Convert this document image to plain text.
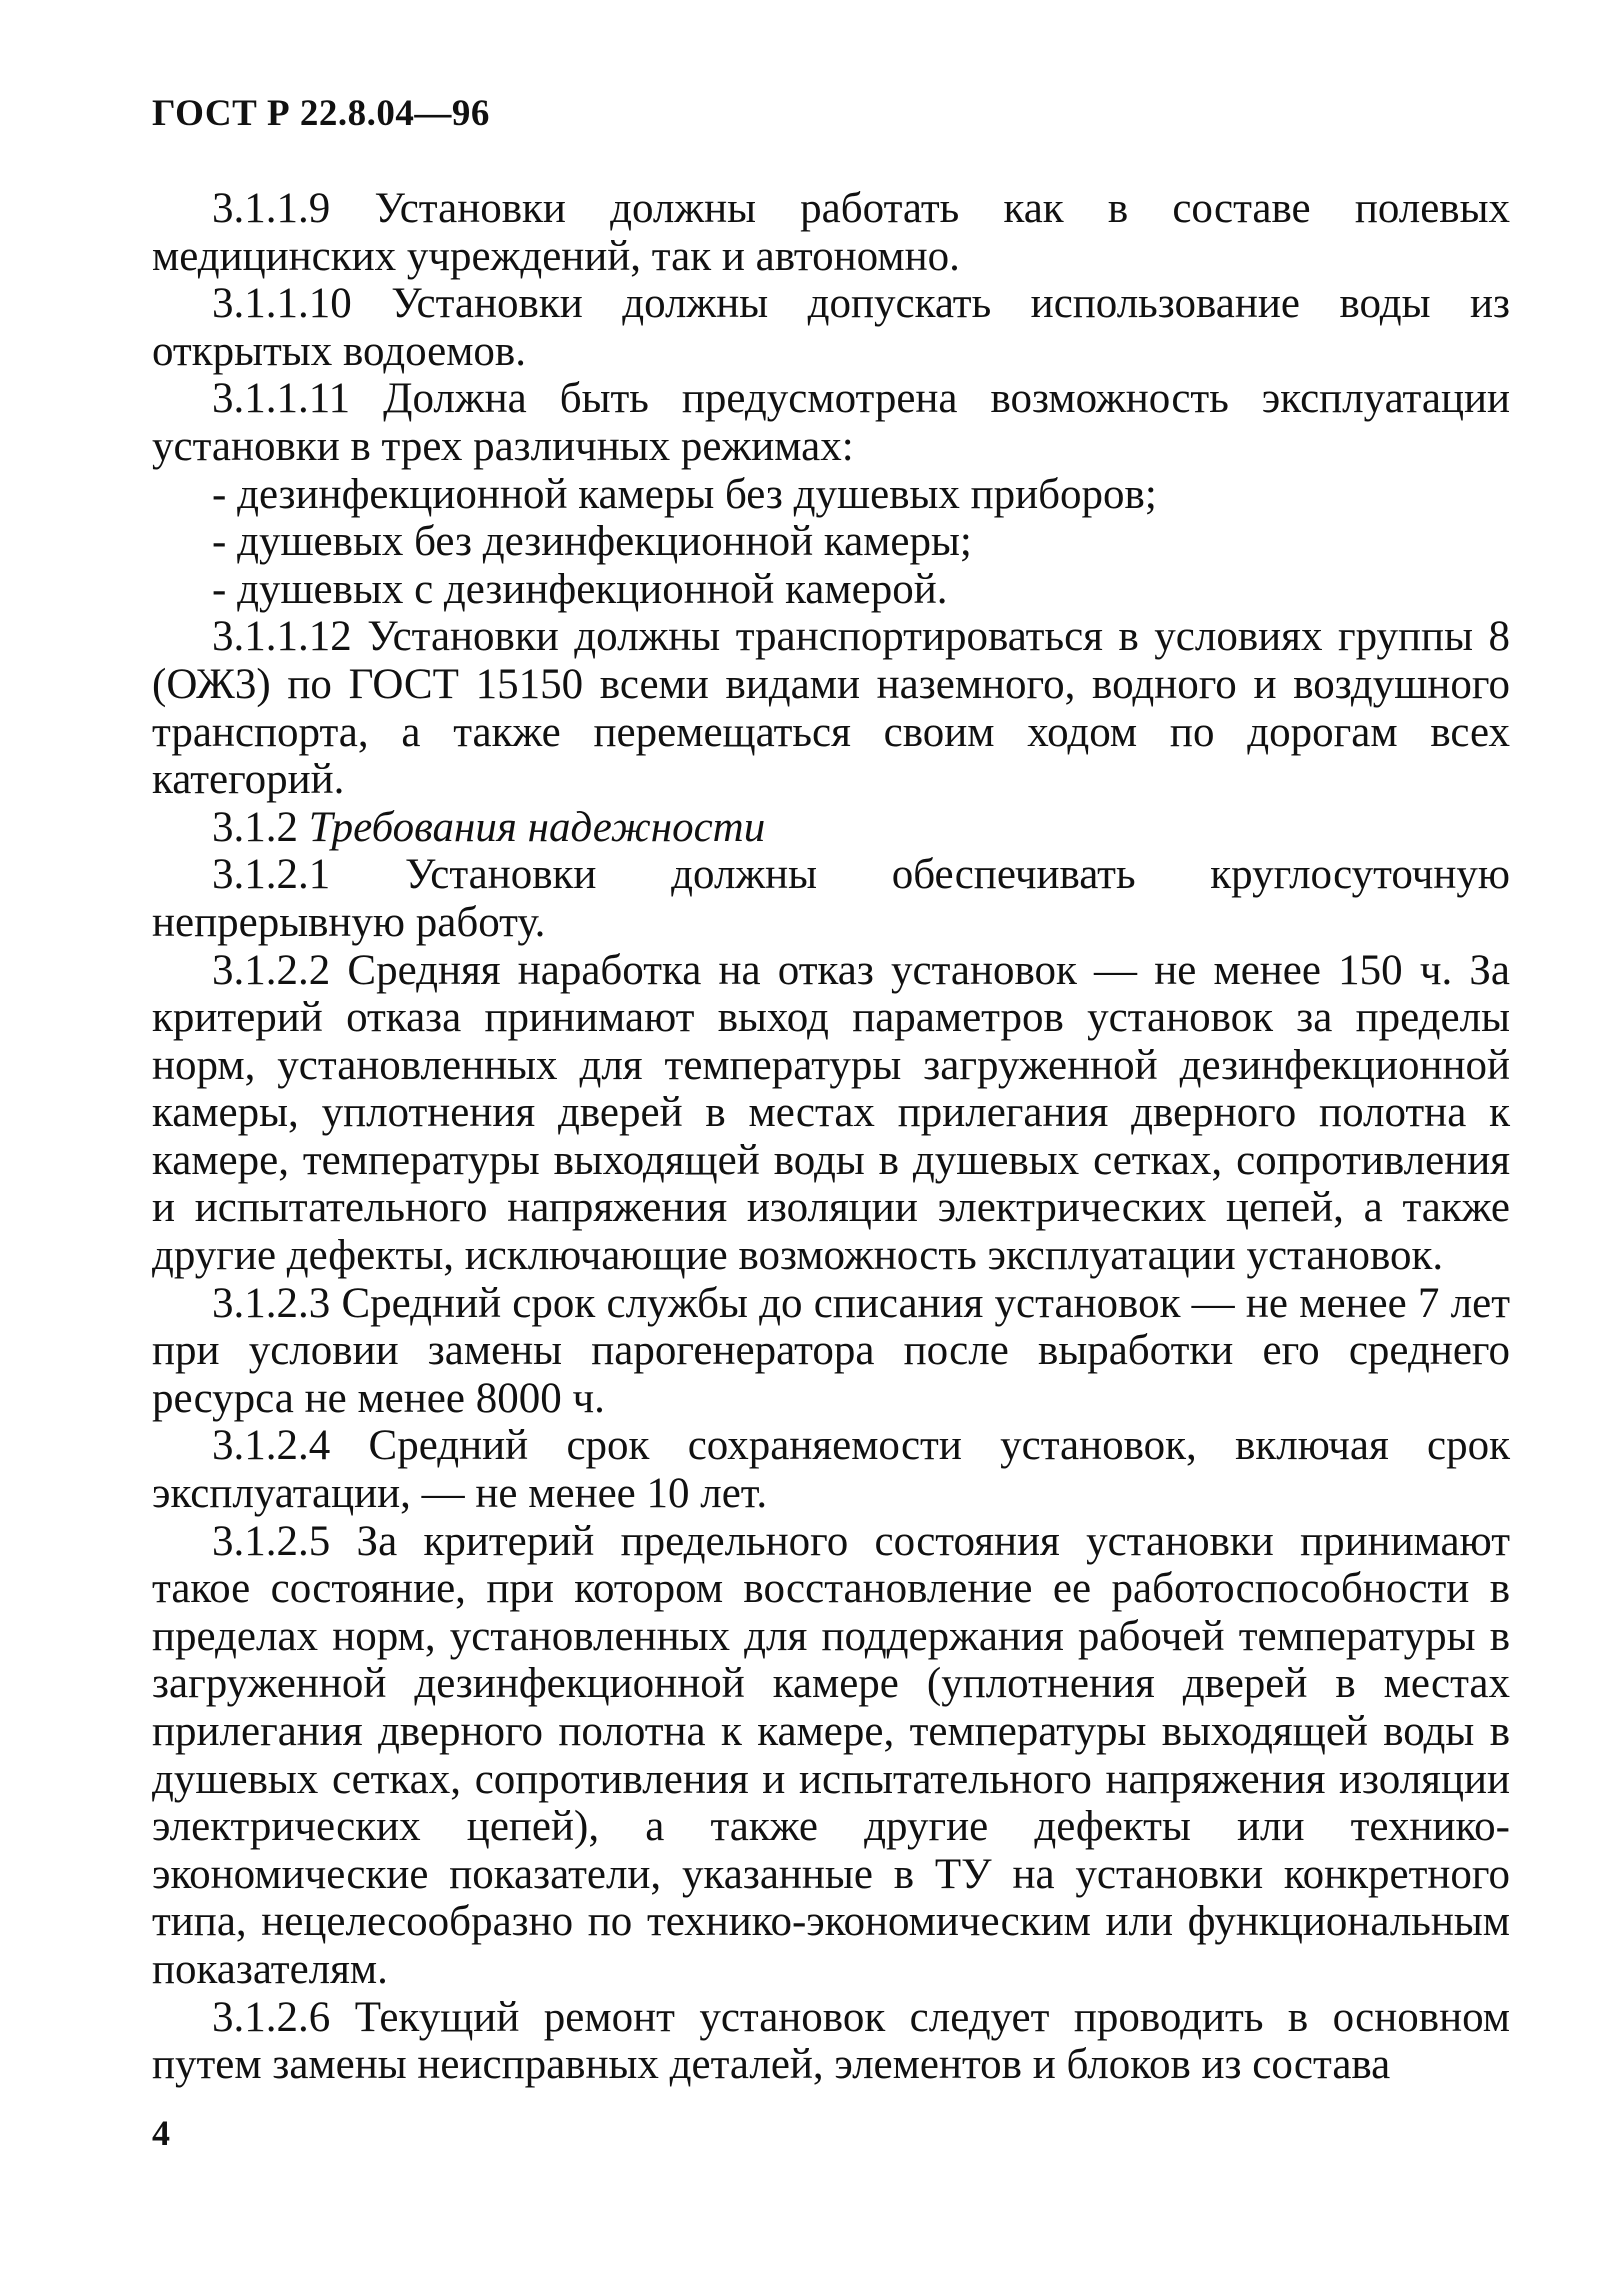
ГОСТ Р 22.8.04—96

3.1.1.9 Установки должны работать как в составе полевых медицинских учреждений, так и автономно.

3.1.1.10 Установки должны допускать использование воды из открытых водоемов.

3.1.1.11 Должна быть предусмотрена возможность эксплуатации установки в трех различных режимах:

- дезинфекционной камеры без душевых приборов;

- душевых без дезинфекционной камеры;

- душевых с дезинфекционной камерой.

3.1.1.12 Установки должны транспортироваться в условиях группы 8 (ОЖ3) по ГОСТ 15150 всеми видами наземного, водного и воздушного транспорта, а также перемещаться своим ходом по дорогам всех категорий.

3.1.2 Требования надежности

3.1.2.1 Установки должны обеспечивать круглосуточную непрерывную работу.

3.1.2.2 Средняя наработка на отказ установок — не менее 150 ч. За критерий отказа принимают выход параметров установок за пределы норм, установленных для температуры загруженной дезинфекционной камеры, уплотнения дверей в местах прилегания дверного полотна к камере, температуры выходящей воды в душевых сетках, сопротивления и испытательного напряжения изоляции электрических цепей, а также другие дефекты, исключающие возможность эксплуатации установок.

3.1.2.3 Средний срок службы до списания установок — не менее 7 лет при условии замены парогенератора после выработки его среднего ресурса не менее 8000 ч.

3.1.2.4 Средний срок сохраняемости установок, включая срок эксплуатации, — не менее 10 лет.

3.1.2.5 За критерий предельного состояния установки принимают такое состояние, при котором восстановление ее работоспособности в пределах норм, установленных для поддержания рабочей температуры в загруженной дезинфекционной камере (уплотнения дверей в местах прилегания дверного полотна к камере, температуры выходящей воды в душевых сетках, сопротивления и испытательного напряжения изоляции электрических цепей), а также другие дефекты или технико-экономические показатели, указанные в ТУ на установки конкретного типа, нецелесообразно по технико-экономическим или функциональным показателям.

3.1.2.6 Текущий ремонт установок следует проводить в основном путем замены неисправных деталей, элементов и блоков из состава

4
